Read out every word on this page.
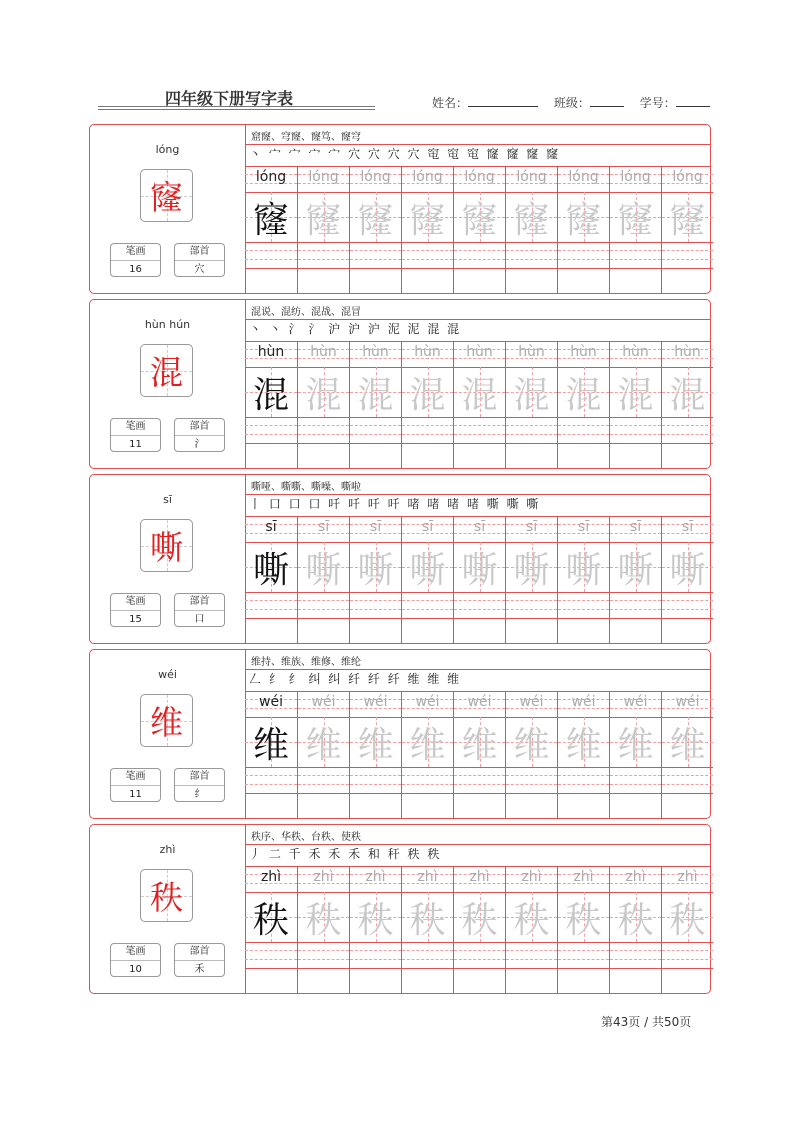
四年级下册写字表	姓名：	班级：	学号：
lóng
窿
笔画
16
部首
穴
窟窿、穹窿、窿笃、窿穹
丶 宀 宀 宀 宀 穴 穴 穴 穴 窀 窀 窀 窿 窿 窿 窿
lóng
窿
lóng
窿
lóng
窿
lóng
窿
lóng
窿
lóng
窿
lóng
窿
lóng
窿
lóng
窿
hùn hún
混
笔画
11
部首
氵
混说、混纺、混战、混冒
丶 丶 氵 氵 沪 沪 沪 泥 泥 混 混
hùn
混
hùn
混
hùn
混
hùn
混
hùn
混
hùn
混
hùn
混
hùn
混
hùn
混
sī
嘶
笔画
15
部首
口
嘶哑、嘶嘶、嘶噪、嘶啦
丨 口 口 口 吀 吀 吀 吀 啫 啫 啫 啫 嘶 嘶 嘶
sī
嘶
sī
嘶
sī
嘶
sī
嘶
sī
嘶
sī
嘶
sī
嘶
sī
嘶
sī
嘶
wéi
维
笔画
11
部首
纟
维持、维族、维修、维纶
𠃋 纟 纟 纠 纠 纤 纤 纤 维 维 维
wéi
维
wéi
维
wéi
维
wéi
维
wéi
维
wéi
维
wéi
维
wéi
维
wéi
维
zhì
秩
笔画
10
部首
禾
秩序、华秩、台秩、使秩
丿 二 千 禾 禾 禾 和 秆 秩 秩
zhì
秩
zhì
秩
zhì
秩
zhì
秩
zhì
秩
zhì
秩
zhì
秩
zhì
秩
zhì
秩
第43页 / 共50页
